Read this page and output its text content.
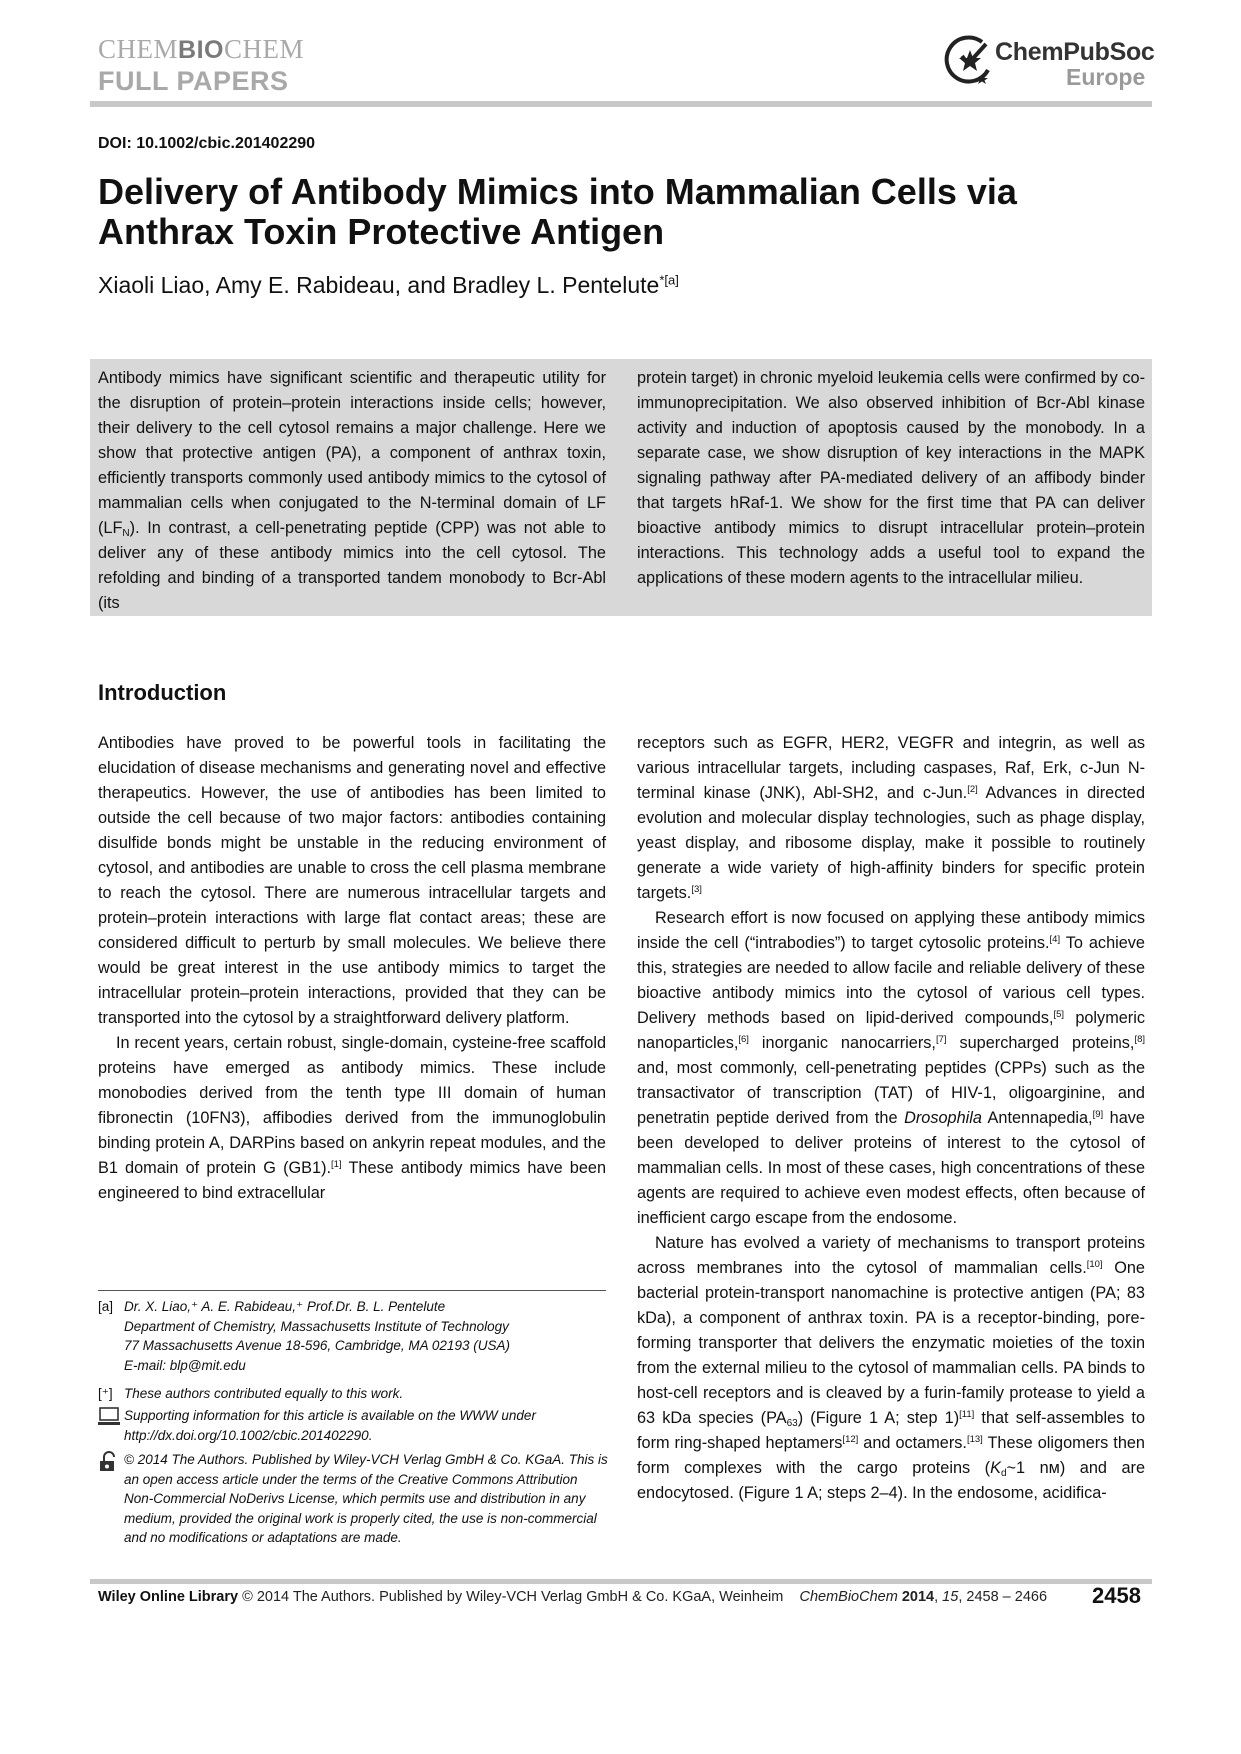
CHEMBIOCHEM
FULL PAPERS
ChemPubSoc
Europe
DOI: 10.1002/cbic.201402290
Delivery of Antibody Mimics into Mammalian Cells via Anthrax Toxin Protective Antigen
Xiaoli Liao, Amy E. Rabideau, and Bradley L. Pentelute$^{*[a]}$

Antibody mimics have significant scientific and therapeutic utility for the disruption of protein–protein interactions inside cells; however, their delivery to the cell cytosol remains a major challenge. Here we show that protective antigen (PA), a component of anthrax toxin, efficiently transports commonly used antibody mimics to the cytosol of mammalian cells when conjugated to the N-terminal domain of LF $(LF_N)$. In contrast, a cell-penetrating peptide (CPP) was not able to deliver any of these antibody mimics into the cell cytosol. The refolding and binding of a transported tandem monobody to Bcr-Abl (its

protein target) in chronic myeloid leukemia cells were confirmed by co-immunoprecipitation. We also observed inhibition of Bcr-Abl kinase activity and induction of apoptosis caused by the monobody. In a separate case, we show disruption of key interactions in the MAPK signaling pathway after PA-mediated delivery of an affibody binder that targets hRaf-1. We show for the first time that PA can deliver bioactive antibody mimics to disrupt intracellular protein–protein interactions. This technology adds a useful tool to expand the applications of these modern agents to the intracellular milieu.

Introduction

Antibodies have proved to be powerful tools in facilitating the elucidation of disease mechanisms and generating novel and effective therapeutics. However, the use of antibodies has been limited to outside the cell because of two major factors: antibodies containing disulfide bonds might be unstable in the reducing environment of cytosol, and antibodies are unable to cross the cell plasma membrane to reach the cytosol. There are numerous intracellular targets and protein–protein interactions with large flat contact areas; these are considered difficult to perturb by small molecules. We believe there would be great interest in the use antibody mimics to target the intracellular protein–protein interactions, provided that they can be transported into the cytosol by a straightforward delivery platform.

In recent years, certain robust, single-domain, cysteine-free scaffold proteins have emerged as antibody mimics. These include monobodies derived from the tenth type III domain of human fibronectin (10FN3), affibodies derived from the immunoglobulin binding protein A, DARPins based on ankyrin repeat modules, and the B1 domain of protein G (GB1).[1] These antibody mimics have been engineered to bind extracellular

receptors such as EGFR, HER2, VEGFR and integrin, as well as various intracellular targets, including caspases, Raf, Erk, c-Jun N-terminal kinase (JNK), Abl-SH2, and c-Jun.[2] Advances in directed evolution and molecular display technologies, such as phage display, yeast display, and ribosome display, make it possible to routinely generate a wide variety of high-affinity binders for specific protein targets.[3]

Research effort is now focused on applying these antibody mimics inside the cell (“intrabodies”) to target cytosolic proteins.[4] To achieve this, strategies are needed to allow facile and reliable delivery of these bioactive antibody mimics into the cytosol of various cell types. Delivery methods based on lipid-derived compounds,[5] polymeric nanoparticles,[6] inorganic nanocarriers,[7] supercharged proteins,[8] and, most commonly, cell-penetrating peptides (CPPs) such as the transactivator of transcription (TAT) of HIV-1, oligoarginine, and penetratin peptide derived from the Drosophila Antennapedia,[9] have been developed to deliver proteins of interest to the cytosol of mammalian cells. In most of these cases, high concentrations of these agents are required to achieve even modest effects, often because of inefficient cargo escape from the endosome.

Nature has evolved a variety of mechanisms to transport proteins across membranes into the cytosol of mammalian cells.[10] One bacterial protein-transport nanomachine is protective antigen (PA; 83 kDa), a component of anthrax toxin. PA is a receptor-binding, pore-forming transporter that delivers the enzymatic moieties of the toxin from the external milieu to the cytosol of mammalian cells. PA binds to host-cell receptors and is cleaved by a furin-family protease to yield a 63 kDa species $(PA_{63})$ (Figure 1 A; step 1)[11] that self-assembles to form ring-shaped heptamers[12] and octamers.[13] These oligomers then form complexes with the cargo proteins ($K_d\sim 1$ nᴍ) and are endocytosed. (Figure 1 A; steps 2–4). In the endosome, acidifica-

[a] Dr. X. Liao,⁺ A. E. Rabideau,⁺ Prof.Dr. B. L. Pentelute
Department of Chemistry, Massachusetts Institute of Technology
77 Massachusetts Avenue 18-596, Cambridge, MA 02193 (USA)
E-mail: blp@mit.edu
[⁺] These authors contributed equally to this work.
Supporting information for this article is available on the WWW under http://dx.doi.org/10.1002/cbic.201402290.
© 2014 The Authors. Published by Wiley-VCH Verlag GmbH & Co. KGaA. This is an open access article under the terms of the Creative Commons Attribution Non-Commercial NoDerivs License, which permits use and distribution in any medium, provided the original work is properly cited, the use is non-commercial and no modifications or adaptations are made.
Wiley Online Library © 2014 The Authors. Published by Wiley-VCH Verlag GmbH & Co. KGaA, Weinheim ChemBioChem 2014, 15, 2458 – 2466 2458
